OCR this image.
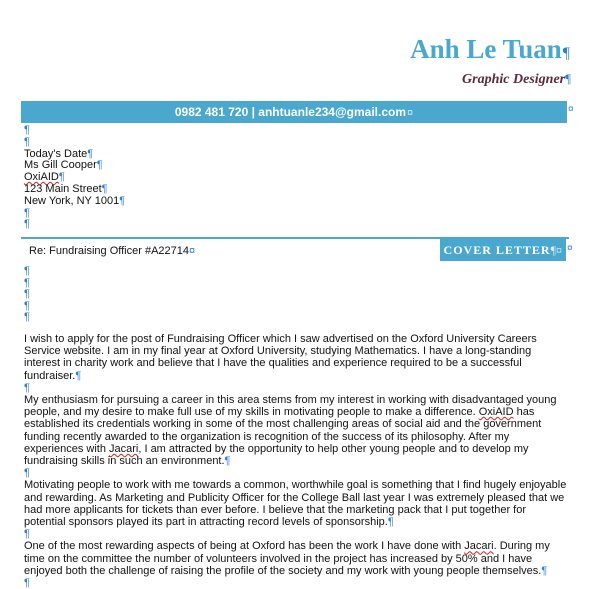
Anh Le Tuan¶
Graphic Designer¶
0982 481 720 | anhtuanle234@gmail.com¤	¤
¶
¶
Today's Date¶
Ms Gill Cooper¶
OxiAID¶
123 Main Street¶
New York, NY 1001¶
¶
¶
Re: Fundraising Officer #A22714¤	COVER LETTER¶¤ ¤
¶
¶
¶
¶
¶

I wish to apply for the post of Fundraising Officer which I saw advertised on the Oxford University Careers Service website. I am in my final year at Oxford University, studying Mathematics. I have a long-standing interest in charity work and believe that I have the qualities and experience required to be a successful fundraiser.¶

¶

My enthusiasm for pursuing a career in this area stems from my interest in working with disadvantaged young people, and my desire to make full use of my skills in motivating people to make a difference. OxiAID has established its credentials working in some of the most challenging areas of social aid and the government funding recently awarded to the organization is recognition of the success of its philosophy. After my experiences with Jacari, I am attracted by the opportunity to help other young people and to develop my fundraising skills in such an environment.¶

¶

Motivating people to work with me towards a common, worthwhile goal is something that I find hugely enjoyable and rewarding. As Marketing and Publicity Officer for the College Ball last year I was extremely pleased that we had more applicants for tickets than ever before. I believe that the marketing pack that I put together for potential sponsors played its part in attracting record levels of sponsorship.¶

¶

One of the most rewarding aspects of being at Oxford has been the work I have done with Jacari. During my time on the committee the number of volunteers involved in the project has increased by 50% and I have enjoyed both the challenge of raising the profile of the society and my work with young people themselves.¶

¶
